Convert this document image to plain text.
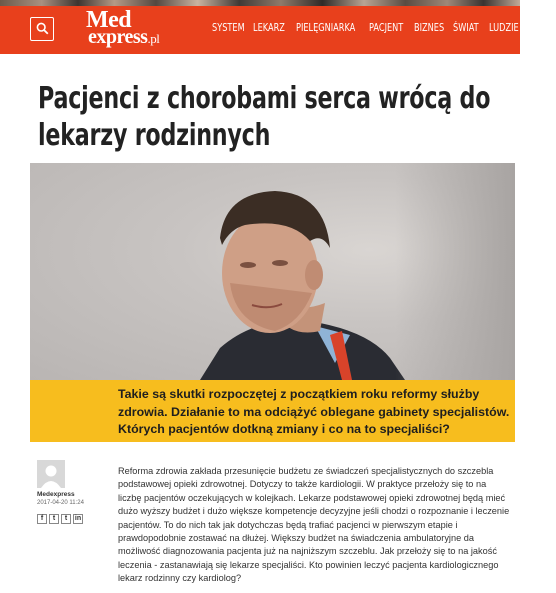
Med
express.pl
SYSTEM LEKARZ PIELĘGNIARKA PACJENT BIZNES ŚWIAT LUDZIE DO
Pacjenci z chorobami serca wrócą do lekarzy rodzinnych

Takie są skutki rozpoczętej z początkiem roku reformy służby zdrowia. Działanie to ma odciążyć oblegane gabinety specjalistów. Których pacjentów dotkną zmiany i co na to specjaliści?

Medexpress
2017-04-20 11:24
f	t	t	in

Reforma zdrowia zakłada przesunięcie budżetu ze świadczeń specjalistycznych do szczebla podstawowej opieki zdrowotnej. Dotyczy to także kardiologii. W praktyce przełoży się to na liczbę pacjentów oczekujących w kolejkach. Lekarze podstawowej opieki zdrowotnej będą mieć dużo wyższy budżet i dużo większe kompetencje decyzyjne jeśli chodzi o rozpoznanie i leczenie pacjentów. To do nich tak jak dotychczas będą trafiać pacjenci w pierwszym etapie i prawdopodobnie zostawać na dłużej. Większy budżet na świadczenia ambulatoryjne da możliwość diagnozowania pacjenta już na najniższym szczeblu. Jak przełoży się to na jakość leczenia - zastanawiają się lekarze specjaliści. Kto powinien leczyć pacjenta kardiologicznego lekarz rodzinny czy kardiolog?
